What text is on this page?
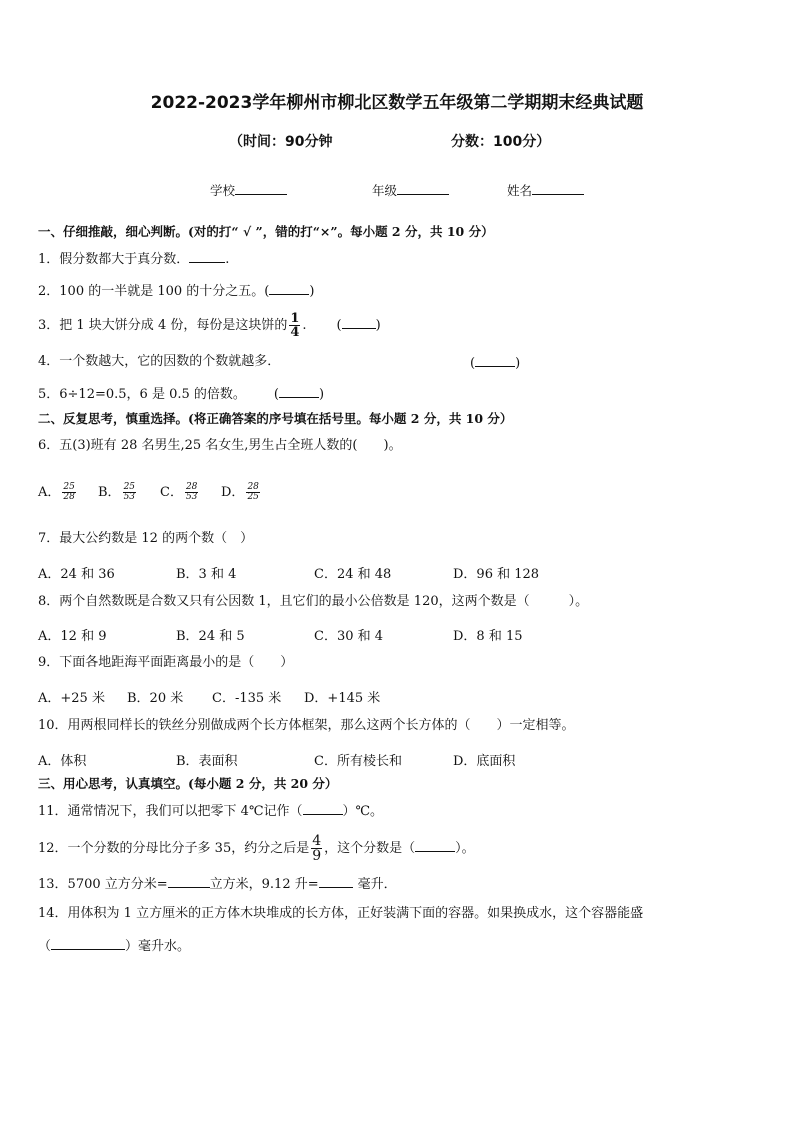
2022-2023学年柳州市柳北区数学五年级第二学期期末经典试题
（时间：90分钟	分数：100分）
学校	年级	姓名
一、仔细推敲，细心判断。(对的打“ √ ”，错的打“×”。每小题 2 分，共 10 分）
1．假分数都大于真分数．	.
2．100 的一半就是 100 的十分之五。(	)
3．把 1 块大饼分成 4 份，每份是这块饼的 $\frac{1}{4}$ . (	)
4．一个数越大，它的因数的个数就越多．	(	)
5．6÷12=0.5，6 是 0.5 的倍数。 (	)
二、反复思考，慎重选择。(将正确答案的序号填在括号里。每小题 2 分，共 10 分）
6．五(3)班有 28 名男生,25 名女生,男生占全班人数的(　　)。
A． $\frac{25}{28}$ B． $\frac{25}{53}$ C． $\frac{28}{53}$ D． $\frac{28}{25}$
7．最大公约数是 12 的两个数（　）
A．24 和 36	B．3 和 4	C．24 和 48	D．96 和 128
8．两个自然数既是合数又只有公因数 1，且它们的最小公倍数是 120，这两个数是（　　　）。
A．12 和 9	B．24 和 5	C．30 和 4	D．8 和 15
9．下面各地距海平面距离最小的是（　　）
A．+25 米 B．20 米 C．-135 米 D．+145 米
10．用两根同样长的铁丝分别做成两个长方体框架，那么这两个长方体的（　　）一定相等。
A．体积	B．表面积	C．所有棱长和	D．底面积
三、用心思考，认真填空。(每小题 2 分，共 20 分）
11．通常情况下，我们可以把零下 4℃记作（	）℃。
12．一个分数的分母比分子多 35，约分之后是 $\frac{4}{9}$ ，这个分数是（	）。
13．5700 立方分米=	立方米，9.12 升=	毫升．
14．用体积为 1 立方厘米的正方体木块堆成的长方体，正好装满下面的容器。如果换成水，这个容器能盛
（	）毫升水。
